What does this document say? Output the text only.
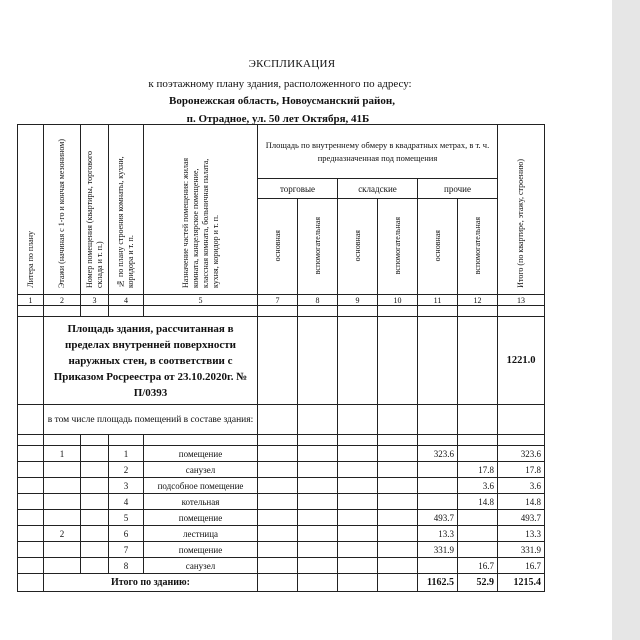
ЭКСПЛИКАЦИЯ
к поэтажному плану здания, расположенного по адресу:
Воронежская область, Новоусманский район,
п. Отрадное, ул. 50 лет Октября, 41Б
Литера по плану	Этажи (начиная с 1-го и кончая мезонином)	Номер помещения (квартиры, торгового склада и т. п.)	№ по плану строения комнаты, кухни, коридора и т. п.	Назначение частей помещения: жилая комната, канцелярское помещение, классная комната, больничная палата, кухня, коридор и т. п.	Площадь по внутреннему обмеру в квадратных метрах, в т. ч. предназначенная под помещения						Итого (по квартире, этажу, строению)
					торговые		складские		прочие		
					основная	вспомогательная	основная	вспомогательная	основная	вспомогательная	
1	2	3	4	5	7	8	9	10	11	12	13

	Площадь здания, рассчитанная в пределах внутренней поверхности наружных стен, в соответствии с Приказом Росреестра от 23.10.2020г. № П/0393										1221.0
	в том числе площадь помещений в составе здания:										

	1		1	помещение					323.6		323.6
			2	санузел						17.8	17.8
			3	подсобное помещение						3.6	3.6
			4	котельная						14.8	14.8
			5	помещение					493.7		493.7
	2		6	лестница					13.3		13.3
			7	помещение					331.9		331.9
			8	санузел						16.7	16.7
	Итого по зданию:								1162.5	52.9	1215.4
